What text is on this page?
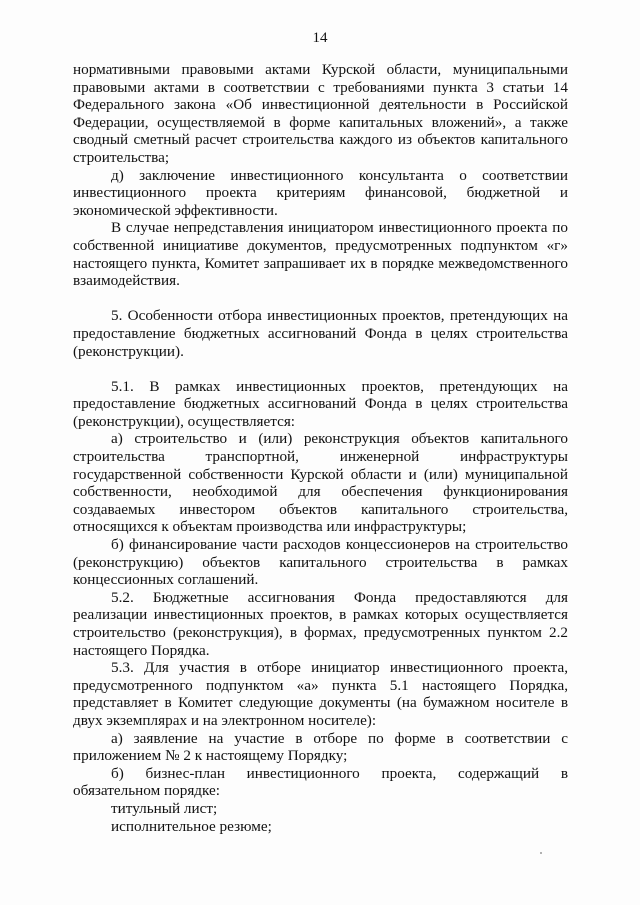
14

нормативными правовыми актами Курской области, муниципальными правовыми актами в соответствии с требованиями пункта 3 статьи 14 Федерального закона «Об инвестиционной деятельности в Российской Федерации, осуществляемой в форме капитальных вложений», а также сводный сметный расчет строительства каждого из объектов капитального строительства;

д) заключение инвестиционного консультанта о соответствии инвестиционного проекта критериям финансовой, бюджетной и экономической эффективности.

В случае непредставления инициатором инвестиционного проекта по собственной инициативе документов, предусмотренных подпунктом «г» настоящего пункта, Комитет запрашивает их в порядке межведомственного взаимодействия.

5. Особенности отбора инвестиционных проектов, претендующих на предоставление бюджетных ассигнований Фонда в целях строительства (реконструкции).

5.1. В рамках инвестиционных проектов, претендующих на предоставление бюджетных ассигнований Фонда в целях строительства (реконструкции), осуществляется:

а) строительство и (или) реконструкция объектов капитального строительства транспортной, инженерной инфраструктуры государственной собственности Курской области и (или) муниципальной собственности, необходимой для обеспечения функционирования создаваемых инвестором объектов капитального строительства, относящихся к объектам производства или инфраструктуры;

б) финансирование части расходов концессионеров на строительство (реконструкцию) объектов капитального строительства в рамках концессионных соглашений.

5.2. Бюджетные ассигнования Фонда предоставляются для реализации инвестиционных проектов, в рамках которых осуществляется строительство (реконструкция), в формах, предусмотренных пунктом 2.2 настоящего Порядка.

5.3. Для участия в отборе инициатор инвестиционного проекта, предусмотренного подпунктом «а» пункта 5.1 настоящего Порядка, представляет в Комитет следующие документы (на бумажном носителе в двух экземплярах и на электронном носителе):

а) заявление на участие в отборе по форме в соответствии с приложением № 2 к настоящему Порядку;

б) бизнес-план инвестиционного проекта, содержащий в обязательном порядке:

титульный лист;

исполнительное резюме;
